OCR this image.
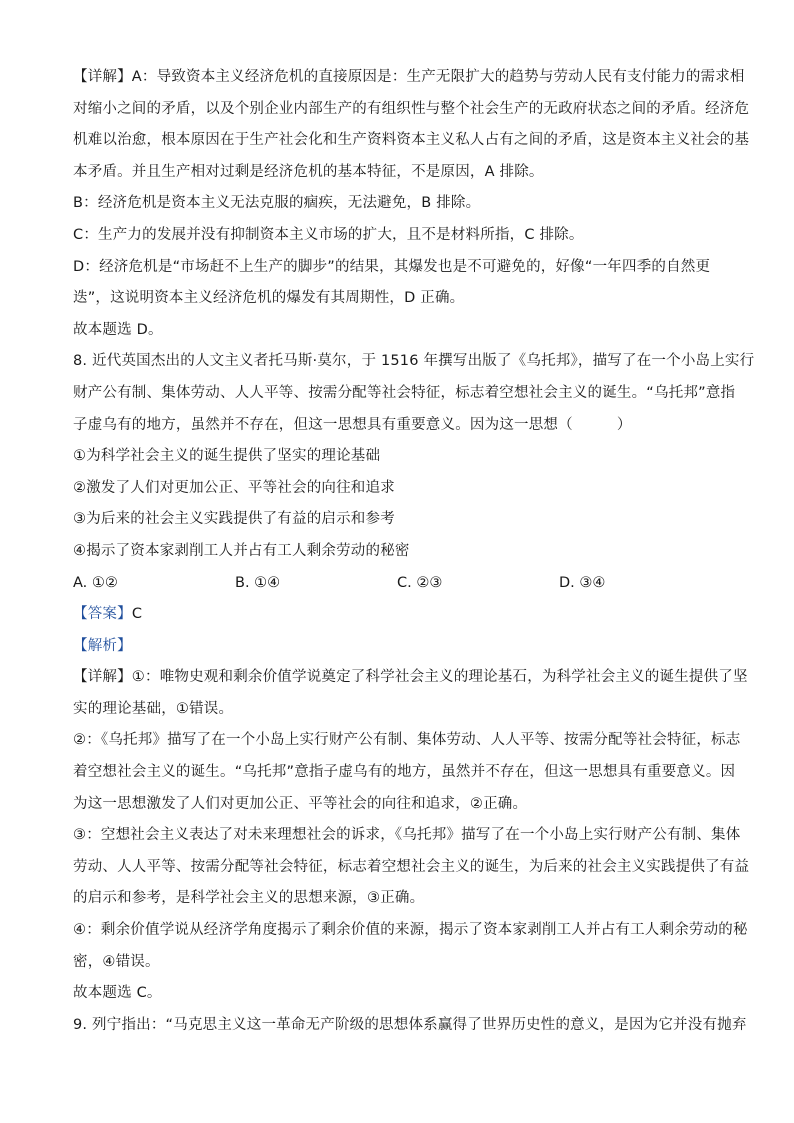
【详解】A：导致资本主义经济危机的直接原因是：生产无限扩大的趋势与劳动人民有支付能力的需求相
对缩小之间的矛盾，以及个别企业内部生产的有组织性与整个社会生产的无政府状态之间的矛盾。经济危
机难以治愈，根本原因在于生产社会化和生产资料资本主义私人占有之间的矛盾，这是资本主义社会的基
本矛盾。并且生产相对过剩是经济危机的基本特征，不是原因，A 排除。
B：经济危机是资本主义无法克服的痼疾，无法避免，B 排除。
C：生产力的发展并没有抑制资本主义市场的扩大，且不是材料所指，C 排除。
D：经济危机是“市场赶不上生产的脚步”的结果，其爆发也是不可避免的，好像“一年四季的自然更
迭”，这说明资本主义经济危机的爆发有其周期性，D 正确。
故本题选 D。
8. 近代英国杰出的人文主义者托马斯·莫尔，于 1516 年撰写出版了《乌托邦》，描写了在一个小岛上实行
财产公有制、集体劳动、人人平等、按需分配等社会特征，标志着空想社会主义的诞生。“乌托邦”意指
子虚乌有的地方，虽然并不存在，但这一思想具有重要意义。因为这一思想（　　　）
①为科学社会主义的诞生提供了坚实的理论基础
②激发了人们对更加公正、平等社会的向往和追求
③为后来的社会主义实践提供了有益的启示和参考
④揭示了资本家剥削工人并占有工人剩余劳动的秘密
A. ①②	B. ①④	C. ②③	D. ③④
【答案】C
【解析】
【详解】①：唯物史观和剩余价值学说奠定了科学社会主义的理论基石，为科学社会主义的诞生提供了坚
实的理论基础，①错误。
②：《乌托邦》描写了在一个小岛上实行财产公有制、集体劳动、人人平等、按需分配等社会特征，标志
着空想社会主义的诞生。“乌托邦”意指子虚乌有的地方，虽然并不存在，但这一思想具有重要意义。因
为这一思想激发了人们对更加公正、平等社会的向往和追求，②正确。
③：空想社会主义表达了对未来理想社会的诉求，《乌托邦》描写了在一个小岛上实行财产公有制、集体
劳动、人人平等、按需分配等社会特征，标志着空想社会主义的诞生，为后来的社会主义实践提供了有益
的启示和参考，是科学社会主义的思想来源，③正确。
④：剩余价值学说从经济学角度揭示了剩余价值的来源，揭示了资本家剥削工人并占有工人剩余劳动的秘
密，④错误。
故本题选 C。
9. 列宁指出：“马克思主义这一革命无产阶级的思想体系赢得了世界历史性的意义，是因为它并没有抛弃
